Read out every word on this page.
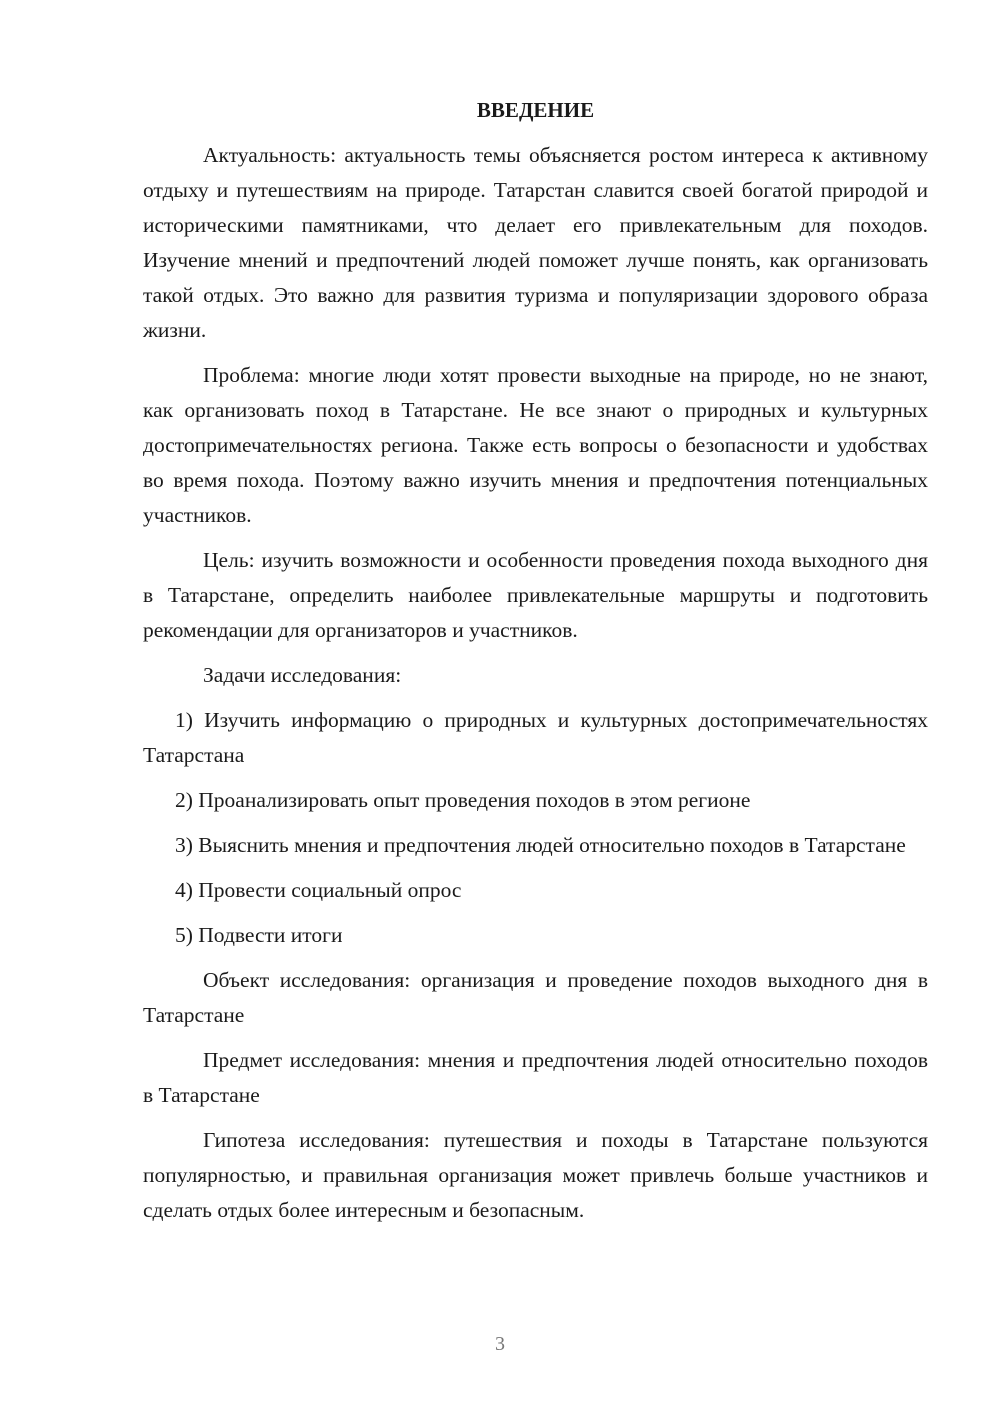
ВВЕДЕНИЕ

Актуальность: актуальность темы объясняется ростом интереса к активному отдыху и путешествиям на природе. Татарстан славится своей богатой природой и историческими памятниками, что делает его привлекательным для походов. Изучение мнений и предпочтений людей поможет лучше понять, как организовать такой отдых. Это важно для развития туризма и популяризации здорового образа жизни.

Проблема: многие люди хотят провести выходные на природе, но не знают, как организовать поход в Татарстане. Не все знают о природных и культурных достопримечательностях региона. Также есть вопросы о безопасности и удобствах во время похода. Поэтому важно изучить мнения и предпочтения потенциальных участников.

Цель: изучить возможности и особенности проведения похода выходного дня в Татарстане, определить наиболее привлекательные маршруты и подготовить рекомендации для организаторов и участников.

Задачи исследования:

1) Изучить информацию о природных и культурных достопримечательностях Татарстана

2) Проанализировать опыт проведения походов в этом регионе

3) Выяснить мнения и предпочтения людей относительно походов в Татарстане

4) Провести социальный опрос

5) Подвести итоги

Объект исследования: организация и проведение походов выходного дня в Татарстане

Предмет исследования: мнения и предпочтения людей относительно походов в Татарстане

Гипотеза исследования: путешествия и походы в Татарстане пользуются популярностью, и правильная организация может привлечь больше участников и сделать отдых более интересным и безопасным.

3
